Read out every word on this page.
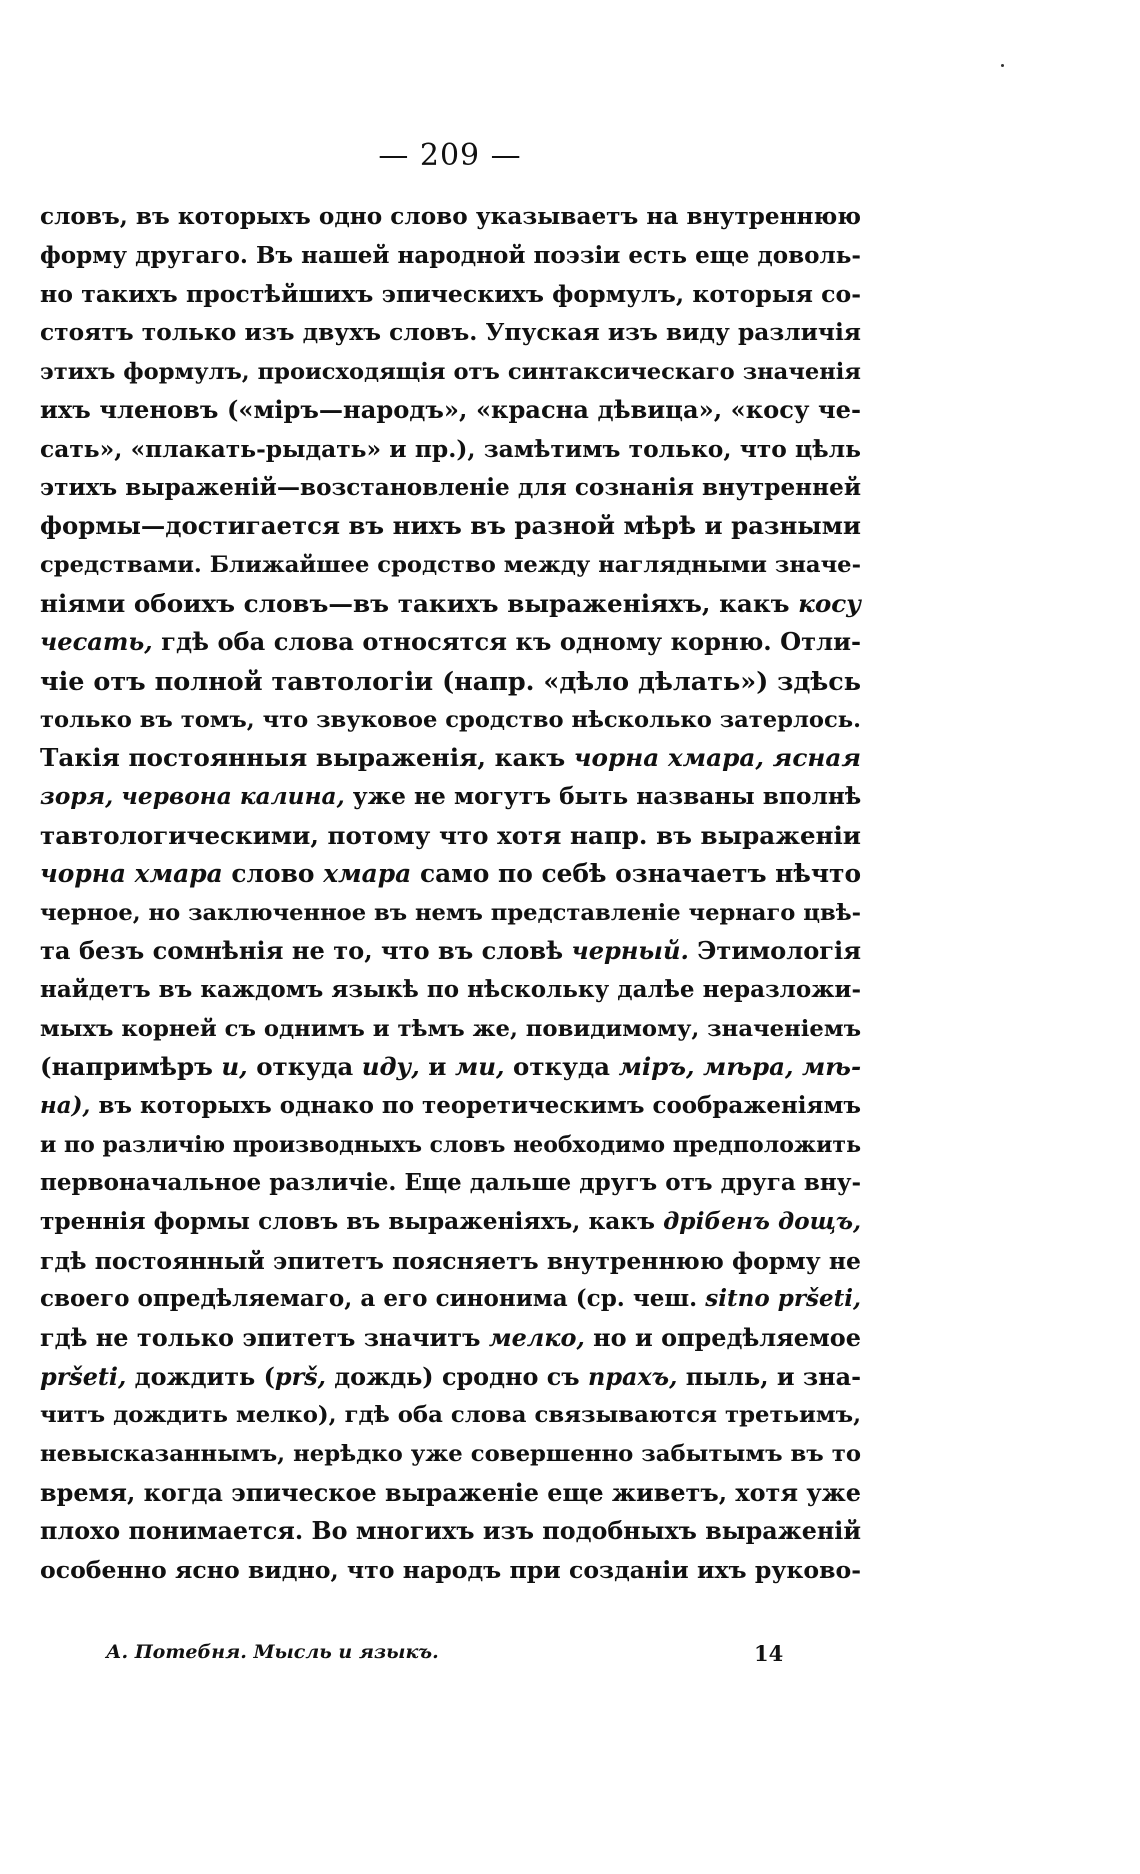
— 209 —
словъ, въ которыхъ одно слово указываетъ на внутреннюю
форму другаго. Въ нашей народной поэзіи есть еще доволь-
но такихъ простѣйшихъ эпическихъ формулъ, которыя со-
стоятъ только изъ двухъ словъ. Упуская изъ виду различія
этихъ формулъ, происходящія отъ синтаксическаго значенія
ихъ членовъ («міръ—народъ», «красна дѣвица», «косу че-
сать», «плакать-рыдать» и пр.), замѣтимъ только, что цѣль
этихъ выраженій—возстановленіе для сознанія внутренней
формы—достигается въ нихъ въ разной мѣрѣ и разными
средствами. Ближайшее сродство между наглядными значе-
ніями обоихъ словъ—въ такихъ выраженіяхъ, какъ косу
чесать, гдѣ оба слова относятся къ одному корню. Отли-
чіе отъ полной тавтологіи (напр. «дѣло дѣлать») здѣсь
только въ томъ, что звуковое сродство нѣсколько затерлось.
Такія постоянныя выраженія, какъ чорна хмара, ясная
зоря, червона калина, уже не могутъ быть названы вполнѣ
тавтологическими, потому что хотя напр. въ выраженіи
чорна хмара слово хмара само по себѣ означаетъ нѣчто
черное, но заключенное въ немъ представленіе чернаго цвѣ-
та безъ сомнѣнія не то, что въ словѣ черный. Этимологія
найдетъ въ каждомъ языкѣ по нѣскольку далѣе неразложи-
мыхъ корней съ однимъ и тѣмъ же, повидимому, значеніемъ
(напримѣръ и, откуда иду, и ми, откуда міръ, мѣра, мѣ-
на), въ которыхъ однако по теоретическимъ соображеніямъ
и по различію производныхъ словъ необходимо предположить
первоначальное различіе. Еще дальше другъ отъ друга вну-
треннія формы словъ въ выраженіяхъ, какъ дрібенъ дощъ,
гдѣ постоянный эпитетъ поясняетъ внутреннюю форму не
своего опредѣляемаго, а его синонима (ср. чеш. sitno pršeti,
гдѣ не только эпитетъ значитъ мелко, но и опредѣляемое
pršeti, дождить (prš, дождь) сродно съ прахъ, пыль, и зна-
читъ дождить мелко), гдѣ оба слова связываются третьимъ,
невысказаннымъ, нерѣдко уже совершенно забытымъ въ то
время, когда эпическое выраженіе еще живетъ, хотя уже
плохо понимается. Во многихъ изъ подобныхъ выраженій
особенно ясно видно, что народъ при созданіи ихъ руково-
А. Потебня. Мысль и языкъ.	14
